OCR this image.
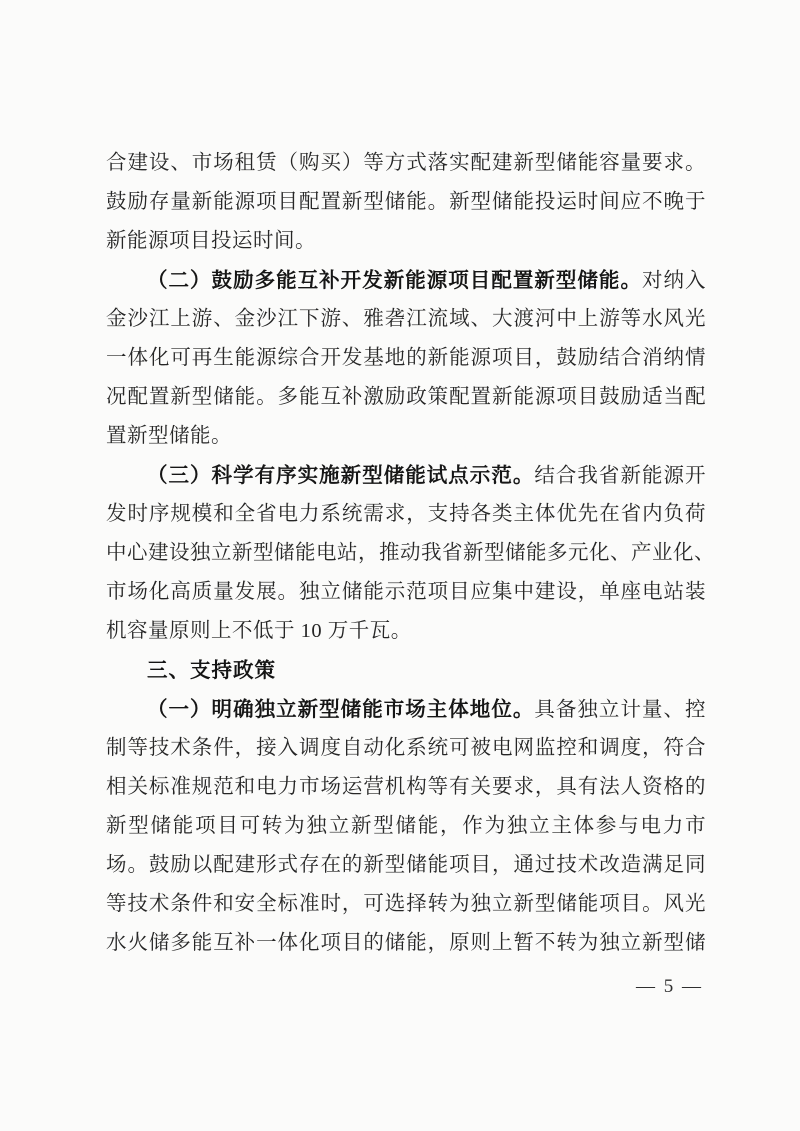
合建设、市场租赁（购买）等方式落实配建新型储能容量要求。
鼓励存量新能源项目配置新型储能。新型储能投运时间应不晚于
新能源项目投运时间。
（二）鼓励多能互补开发新能源项目配置新型储能。对纳入
金沙江上游、金沙江下游、雅砻江流域、大渡河中上游等水风光
一体化可再生能源综合开发基地的新能源项目，鼓励结合消纳情
况配置新型储能。多能互补激励政策配置新能源项目鼓励适当配
置新型储能。
（三）科学有序实施新型储能试点示范。结合我省新能源开
发时序规模和全省电力系统需求，支持各类主体优先在省内负荷
中心建设独立新型储能电站，推动我省新型储能多元化、产业化、
市场化高质量发展。独立储能示范项目应集中建设，单座电站装
机容量原则上不低于 10 万千瓦。
三、支持政策
（一）明确独立新型储能市场主体地位。具备独立计量、控
制等技术条件，接入调度自动化系统可被电网监控和调度，符合
相关标准规范和电力市场运营机构等有关要求，具有法人资格的
新型储能项目可转为独立新型储能，作为独立主体参与电力市
场。鼓励以配建形式存在的新型储能项目，通过技术改造满足同
等技术条件和安全标准时，可选择转为独立新型储能项目。风光
水火储多能互补一体化项目的储能，原则上暂不转为独立新型储
— 5 —
